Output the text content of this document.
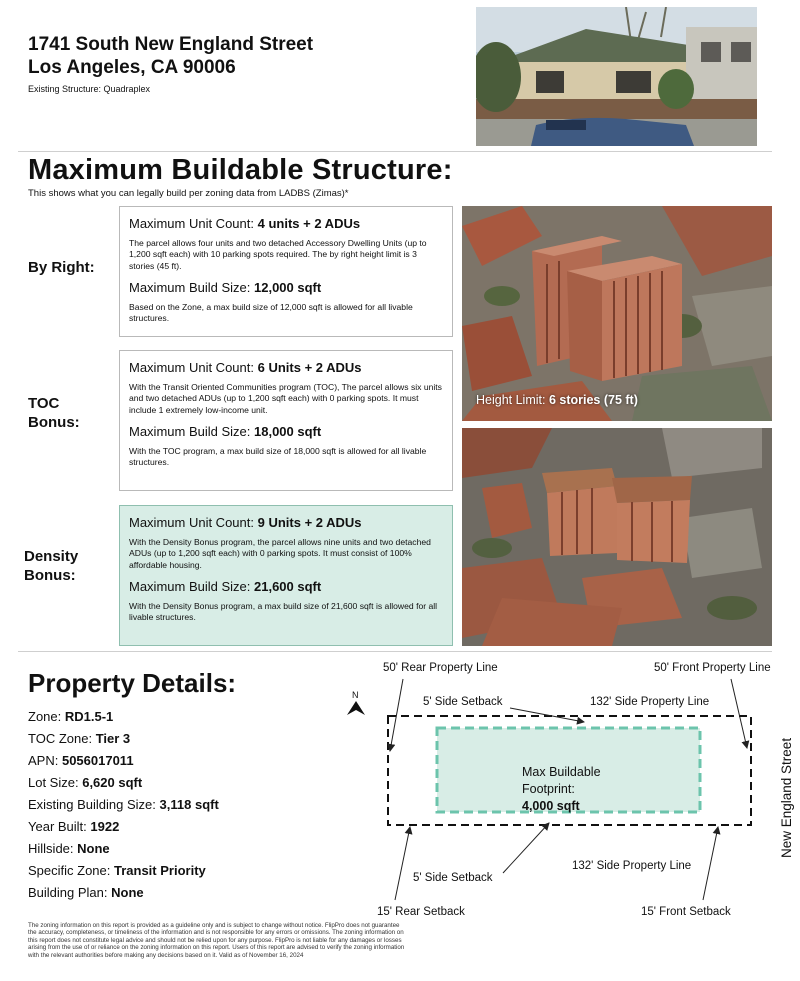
1741 South New England Street
Los Angeles, CA 90006
Existing Structure: Quadraplex
Maximum Buildable Structure:
This shows what you can legally build per zoning data from LADBS (Zimas)*
By Right:
TOC
Bonus:
Density
Bonus:
Maximum Unit Count: 4 units + 2 ADUs
The parcel allows four units and two detached Accessory Dwelling Units (up to 1,200 sqft each) with 10 parking spots required. The by right height limit is 3 stories (45 ft).
Maximum Build Size: 12,000 sqft
Based on the Zone, a max build size of 12,000 sqft is allowed for all livable structures.
Maximum Unit Count: 6 Units + 2 ADUs
With the Transit Oriented Communities program (TOC), The parcel allows six units and two detached ADUs (up to 1,200 sqft each) with 0 parking spots. It must include 1 extremely low-income unit.
Maximum Build Size: 18,000 sqft
With the TOC program, a max build size of 18,000 sqft is allowed for all livable structures.
Maximum Unit Count: 9 Units + 2 ADUs
With the Density Bonus program, the parcel allows nine units and two detached ADUs (up to 1,200 sqft each) with 0 parking spots. It must consist of 100% affordable housing.
Maximum Build Size: 21,600 sqft
With the Density Bonus program, a max build size of 21,600 sqft is allowed for all livable structures.
Height Limit: 6 stories (75 ft)
Property Details:
Zone: RD1.5-1
TOC Zone: Tier 3
APN: 5056017011
Lot Size: 6,620 sqft
Existing Building Size: 3,118 sqft
Year Built: 1922
Hillside: None
Specific Zone: Transit Priority
Building Plan: None
The zoning information on this report is provided as a guideline only and is subject to change without notice. FlipPro does not guarantee the accuracy, completeness, or timeliness of the information and is not responsible for any errors or omissions. The zoning information on this report does not constitute legal advice and should not be relied upon for any purpose. FlipPro is not liable for any damages or losses arising from the use of or reliance on the zoning information on this report. Users of this report are advised to verify the zoning information with the relevant authorities before making any decisions based on it. Valid as of November 16, 2024
50' Rear Property Line	50' Front Property Line
5' Side Setback	132' Side Property Line
132' Side Property Line
5' Side Setback
15' Rear Setback	15' Front Setback
Max Buildable
Footprint:
4,000 sqft
N
New England Street
